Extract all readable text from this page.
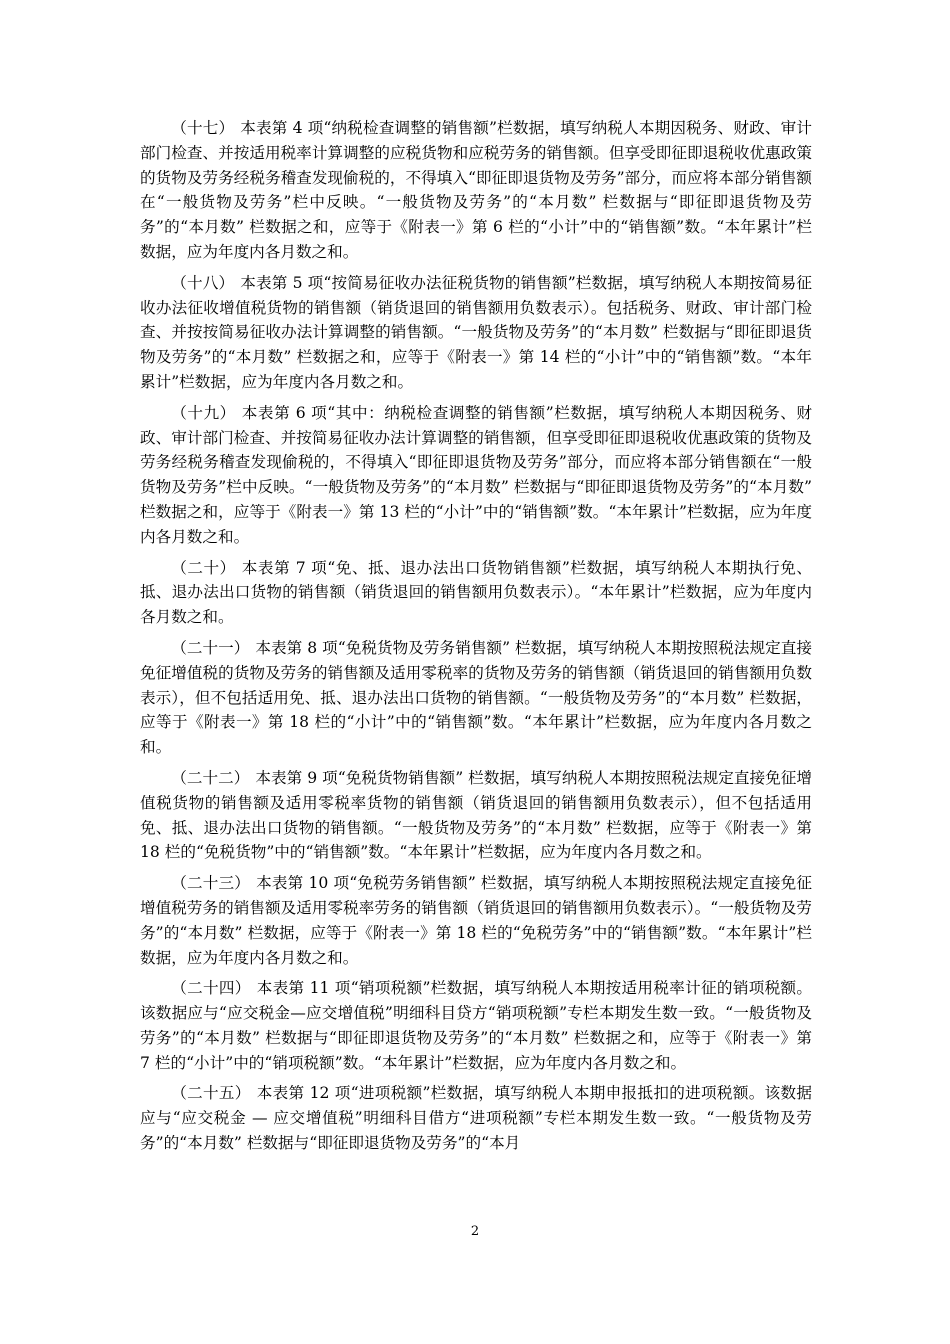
（十七） 本表第 4 项“纳税检查调整的销售额”栏数据，填写纳税人本期因税务、财政、审计部门检查、并按适用税率计算调整的应税货物和应税劳务的销售额。但享受即征即退税收优惠政策的货物及劳务经税务稽查发现偷税的，不得填入“即征即退货物及劳务”部分，而应将本部分销售额在“一般货物及劳务”栏中反映。“一般货物及劳务”的“本月数” 栏数据与“即征即退货物及劳务”的“本月数” 栏数据之和，应等于《附表一》第 6 栏的“小计”中的“销售额”数。“本年累计”栏数据，应为年度内各月数之和。

（十八） 本表第 5 项“按简易征收办法征税货物的销售额”栏数据，填写纳税人本期按简易征收办法征收增值税货物的销售额（销货退回的销售额用负数表示）。包括税务、财政、审计部门检查、并按按简易征收办法计算调整的销售额。“一般货物及劳务”的“本月数” 栏数据与“即征即退货物及劳务”的“本月数” 栏数据之和，应等于《附表一》第 14 栏的“小计”中的“销售额”数。“本年累计”栏数据，应为年度内各月数之和。

（十九） 本表第 6 项“其中：纳税检查调整的销售额”栏数据，填写纳税人本期因税务、财政、审计部门检查、并按简易征收办法计算调整的销售额，但享受即征即退税收优惠政策的货物及劳务经税务稽查发现偷税的，不得填入“即征即退货物及劳务”部分，而应将本部分销售额在“一般货物及劳务”栏中反映。“一般货物及劳务”的“本月数” 栏数据与“即征即退货物及劳务”的“本月数” 栏数据之和，应等于《附表一》第 13 栏的“小计”中的“销售额”数。“本年累计”栏数据，应为年度内各月数之和。

（二十） 本表第 7 项“免、抵、退办法出口货物销售额”栏数据，填写纳税人本期执行免、抵、退办法出口货物的销售额（销货退回的销售额用负数表示）。“本年累计”栏数据，应为年度内各月数之和。

（二十一） 本表第 8 项“免税货物及劳务销售额” 栏数据，填写纳税人本期按照税法规定直接免征增值税的货物及劳务的销售额及适用零税率的货物及劳务的销售额（销货退回的销售额用负数表示），但不包括适用免、抵、退办法出口货物的销售额。“一般货物及劳务”的“本月数” 栏数据，应等于《附表一》第 18 栏的“小计”中的“销售额”数。“本年累计”栏数据，应为年度内各月数之和。

（二十二） 本表第 9 项“免税货物销售额” 栏数据，填写纳税人本期按照税法规定直接免征增值税货物的销售额及适用零税率货物的销售额（销货退回的销售额用负数表示），但不包括适用免、抵、退办法出口货物的销售额。“一般货物及劳务”的“本月数” 栏数据，应等于《附表一》第 18 栏的“免税货物”中的“销售额”数。“本年累计”栏数据，应为年度内各月数之和。

（二十三） 本表第 10 项“免税劳务销售额” 栏数据，填写纳税人本期按照税法规定直接免征增值税劳务的销售额及适用零税率劳务的销售额（销货退回的销售额用负数表示）。“一般货物及劳务”的“本月数” 栏数据，应等于《附表一》第 18 栏的“免税劳务”中的“销售额”数。“本年累计”栏数据，应为年度内各月数之和。

（二十四） 本表第 11 项“销项税额”栏数据，填写纳税人本期按适用税率计征的销项税额。该数据应与“应交税金—应交增值税”明细科目贷方“销项税额”专栏本期发生数一致。“一般货物及劳务”的“本月数” 栏数据与“即征即退货物及劳务”的“本月数” 栏数据之和，应等于《附表一》第 7 栏的“小计”中的“销项税额”数。“本年累计”栏数据，应为年度内各月数之和。

（二十五） 本表第 12 项“进项税额”栏数据，填写纳税人本期申报抵扣的进项税额。该数据应与“应交税金 — 应交增值税”明细科目借方“进项税额”专栏本期发生数一致。“一般货物及劳务”的“本月数” 栏数据与“即征即退货物及劳务”的“本月

2
